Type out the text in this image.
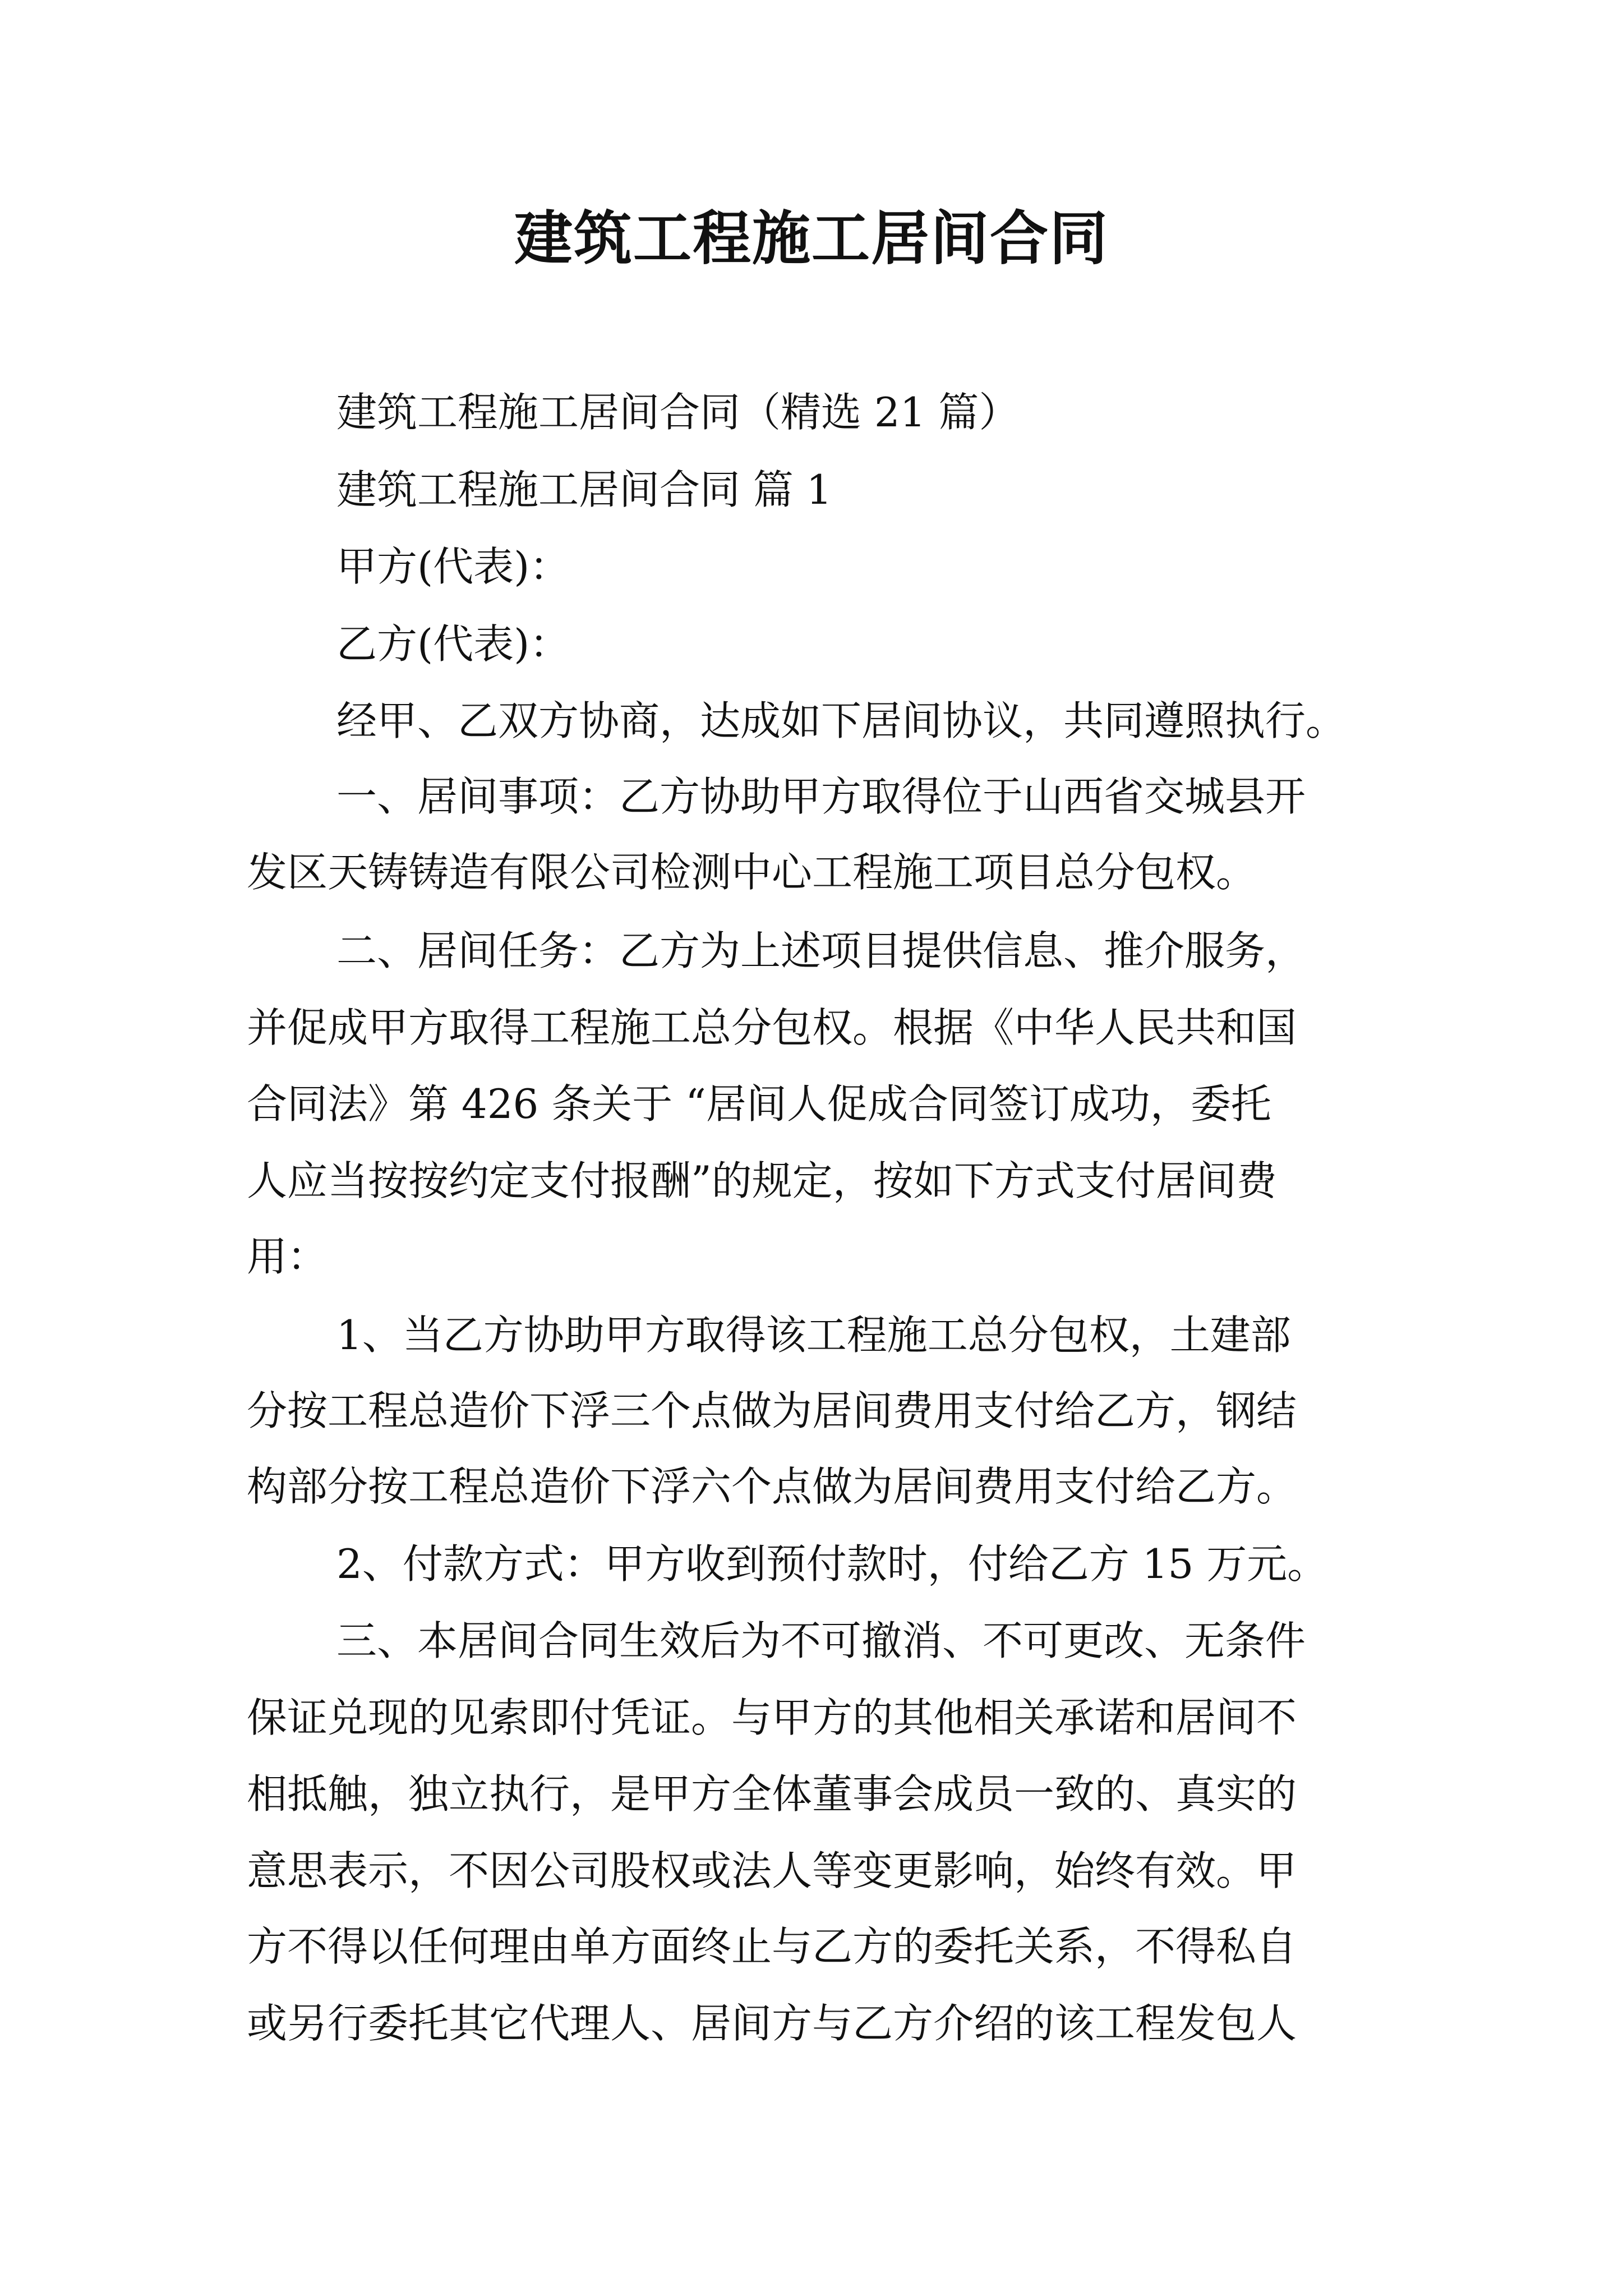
建筑工程施工居间合同

建筑工程施工居间合同（精选 21 篇）

建筑工程施工居间合同 篇 1

甲方(代表)：

乙方(代表)：

经甲、乙双方协商，达成如下居间协议，共同遵照执行。

一、居间事项：乙方协助甲方取得位于山西省交城县开

发区天铸铸造有限公司检测中心工程施工项目总分包权。

二、居间任务：乙方为上述项目提供信息、推介服务，

并促成甲方取得工程施工总分包权。根据《中华人民共和国

合同法》第 426 条关于 “居间人促成合同签订成功，委托

人应当按按约定支付报酬”的规定，按如下方式支付居间费

用：

1、当乙方协助甲方取得该工程施工总分包权，土建部

分按工程总造价下浮三个点做为居间费用支付给乙方，钢结

构部分按工程总造价下浮六个点做为居间费用支付给乙方。

2、付款方式：甲方收到预付款时，付给乙方 15 万元。

三、本居间合同生效后为不可撤消、不可更改、无条件

保证兑现的见索即付凭证。与甲方的其他相关承诺和居间不

相抵触，独立执行，是甲方全体董事会成员一致的、真实的

意思表示，不因公司股权或法人等变更影响，始终有效。甲

方不得以任何理由单方面终止与乙方的委托关系，不得私自

或另行委托其它代理人、居间方与乙方介绍的该工程发包人
